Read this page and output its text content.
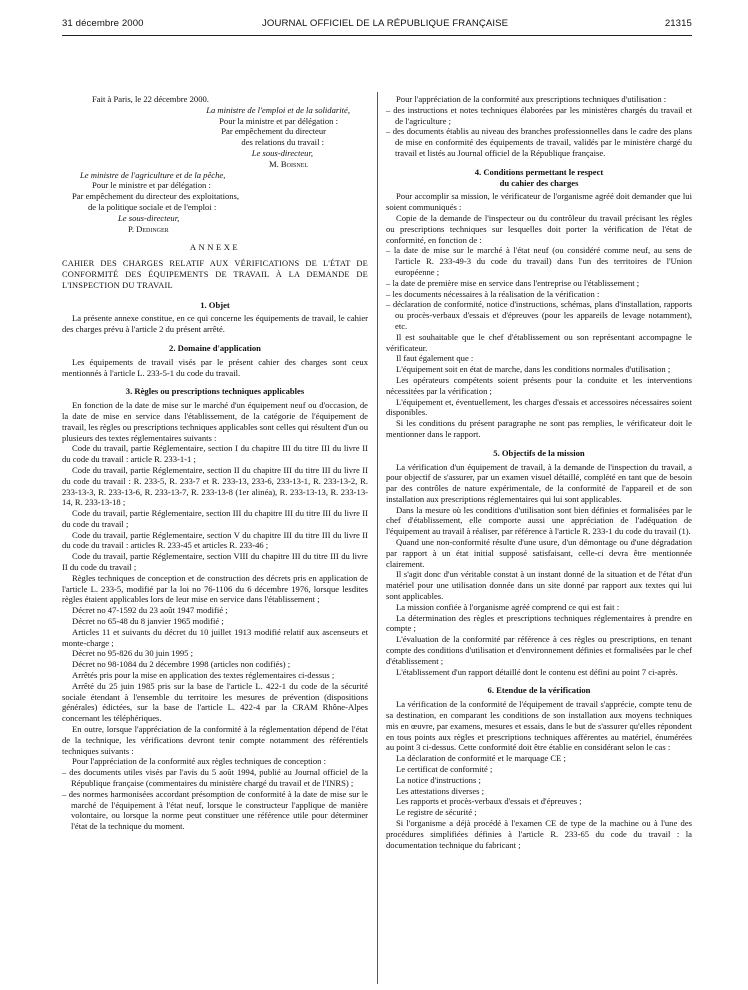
31 décembre 2000	JOURNAL OFFICIEL DE LA RÉPUBLIQUE FRANÇAISE	21315

Fait à Paris, le 22 décembre 2000.

La ministre de l'emploi et de la solidarité,

Pour la ministre et par délégation :

Par empêchement du directeur

des relations du travail :

Le sous-directeur,

M. Boisnel

Le ministre de l'agriculture et de la pêche,

Pour le ministre et par délégation :

Par empêchement du directeur des exploitations,

de la politique sociale et de l'emploi :

Le sous-directeur,

P. Dedinger

ANNEXE

CAHIER DES CHARGES RELATIF AUX VÉRIFICATIONS DE L'ÉTAT DE CONFORMITÉ DES ÉQUIPEMENTS DE TRAVAIL À LA DEMANDE DE L'INSPECTION DU TRAVAIL

1. Objet

La présente annexe constitue, en ce qui concerne les équipements de travail, le cahier des charges prévu à l'article 2 du présent arrêté.

2. Domaine d'application

Les équipements de travail visés par le présent cahier des charges sont ceux mentionnés à l'article L. 233-5-1 du code du travail.

3. Règles ou prescriptions techniques applicables

En fonction de la date de mise sur le marché d'un équipement neuf ou d'occasion, de la date de mise en service dans l'établissement, de la catégorie de l'équipement de travail, les règles ou prescriptions techniques applicables sont celles qui résultent d'un ou plusieurs des textes réglementaires suivants :

Code du travail, partie Réglementaire, section I du chapitre III du titre III du livre II du code du travail : article R. 233-1-1 ;

Code du travail, partie Réglementaire, section II du chapitre III du titre III du livre II du code du travail : R. 233-5, R. 233-7 et R. 233-13, 233-6, 233-13-1, R. 233-13-2, R. 233-13-3, R. 233-13-6, R. 233-13-7, R. 233-13-8 (1er alinéa), R. 233-13-13, R. 233-13-14, R. 233-13-18 ;

Code du travail, partie Réglementaire, section III du chapitre III du titre III du livre II du code du travail ;

Code du travail, partie Réglementaire, section V du chapitre III du titre III du livre II du code du travail : articles R. 233-45 et articles R. 233-46 ;

Code du travail, partie Réglementaire, section VIII du chapitre III du titre III du livre II du code du travail ;

Règles techniques de conception et de construction des décrets pris en application de l'article L. 233-5, modifié par la loi no 76-1106 du 6 décembre 1976, lorsque lesdites règles étaient applicables lors de leur mise en service dans l'établissement ;

Décret no 47-1592 du 23 août 1947 modifié ;

Décret no 65-48 du 8 janvier 1965 modifié ;

Articles 11 et suivants du décret du 10 juillet 1913 modifié relatif aux ascenseurs et monte-charge ;

Décret no 95-826 du 30 juin 1995 ;

Décret no 98-1084 du 2 décembre 1998 (articles non codifiés) ;

Arrêtés pris pour la mise en application des textes réglementaires ci-dessus ;

Arrêté du 25 juin 1985 pris sur la base de l'article L. 422-1 du code de la sécurité sociale étendant à l'ensemble du territoire les mesures de prévention (dispositions générales) édictées, sur la base de l'article L. 422-4 par la CRAM Rhône-Alpes concernant les téléphériques.

En outre, lorsque l'appréciation de la conformité à la réglementation dépend de l'état de la technique, les vérifications devront tenir compte notamment des référentiels techniques suivants :

Pour l'appréciation de la conformité aux règles techniques de conception :

– des documents utiles visés par l'avis du 5 août 1994, publié au Journal officiel de la République française (commentaires du ministère chargé du travail et de l'INRS) ;
– des normes harmonisées accordant présomption de conformité à la date de mise sur le marché de l'équipement à l'état neuf, lorsque le constructeur l'applique de manière volontaire, ou lorsque la norme peut constituer une référence utile pour déterminer l'état de la technique du moment.

Pour l'appréciation de la conformité aux prescriptions techniques d'utilisation :

– des instructions et notes techniques élaborées par les ministères chargés du travail et de l'agriculture ;
– des documents établis au niveau des branches professionnelles dans le cadre des plans de mise en conformité des équipements de travail, validés par le ministère chargé du travail et listés au Journal officiel de la République française.

4. Conditions permettant le respect

du cahier des charges

Pour accomplir sa mission, le vérificateur de l'organisme agréé doit demander que lui soient communiqués :

Copie de la demande de l'inspecteur ou du contrôleur du travail précisant les règles ou prescriptions techniques sur lesquelles doit porter la vérification de l'état de conformité, en fonction de :

– la date de mise sur le marché à l'état neuf (ou considéré comme neuf, au sens de l'article R. 233-49-3 du code du travail) dans l'un des territoires de l'Union européenne ;
– la date de première mise en service dans l'entreprise ou l'établissement ;
– les documents nécessaires à la réalisation de la vérification :
– déclaration de conformité, notice d'instructions, schémas, plans d'installation, rapports ou procès-verbaux d'essais et d'épreuves (pour les appareils de levage notamment), etc.

Il est souhaitable que le chef d'établissement ou son représentant accompagne le vérificateur.

Il faut également que :

L'équipement soit en état de marche, dans les conditions normales d'utilisation ;

Les opérateurs compétents soient présents pour la conduite et les interventions nécessitées par la vérification ;

L'équipement et, éventuellement, les charges d'essais et accessoires nécessaires soient disponibles.

Si les conditions du présent paragraphe ne sont pas remplies, le vérificateur doit le mentionner dans le rapport.

5. Objectifs de la mission

La vérification d'un équipement de travail, à la demande de l'inspection du travail, a pour objectif de s'assurer, par un examen visuel détaillé, complété en tant que de besoin par des contrôles de nature expérimentale, de la conformité de l'appareil et de son installation aux prescriptions réglementaires qui lui sont applicables.

Dans la mesure où les conditions d'utilisation sont bien définies et formalisées par le chef d'établissement, elle comporte aussi une appréciation de l'adéquation de l'équipement au travail à réaliser, par référence à l'article R. 233-1 du code du travail (1).

Quand une non-conformité résulte d'une usure, d'un démontage ou d'une dégradation par rapport à un état initial supposé satisfaisant, celle-ci devra être mentionnée clairement.

Il s'agit donc d'un véritable constat à un instant donné de la situation et de l'état d'un matériel pour une utilisation donnée dans un site donné par rapport aux textes qui lui sont applicables.

La mission confiée à l'organisme agréé comprend ce qui est fait :

La détermination des règles et prescriptions techniques réglementaires à prendre en compte ;

L'évaluation de la conformité par référence à ces règles ou prescriptions, en tenant compte des conditions d'utilisation et d'environnement définies et formalisées par le chef d'établissement ;

L'établissement d'un rapport détaillé dont le contenu est défini au point 7 ci-après.

6. Etendue de la vérification

La vérification de la conformité de l'équipement de travail s'apprécie, compte tenu de sa destination, en comparant les conditions de son installation aux moyens techniques mis en œuvre, par examens, mesures et essais, dans le but de s'assurer qu'elles répondent en tous points aux règles et prescriptions techniques afférentes au matériel, énumérées au point 3 ci-dessus. Cette conformité doit être établie en considérant selon le cas :

La déclaration de conformité et le marquage CE ;

Le certificat de conformité ;

La notice d'instructions ;

Les attestations diverses ;

Les rapports et procès-verbaux d'essais et d'épreuves ;

Le registre de sécurité ;

Si l'organisme a déjà procédé à l'examen CE de type de la machine ou à l'une des procédures simplifiées définies à l'article R. 233-65 du code du travail : la documentation technique du fabricant ;
